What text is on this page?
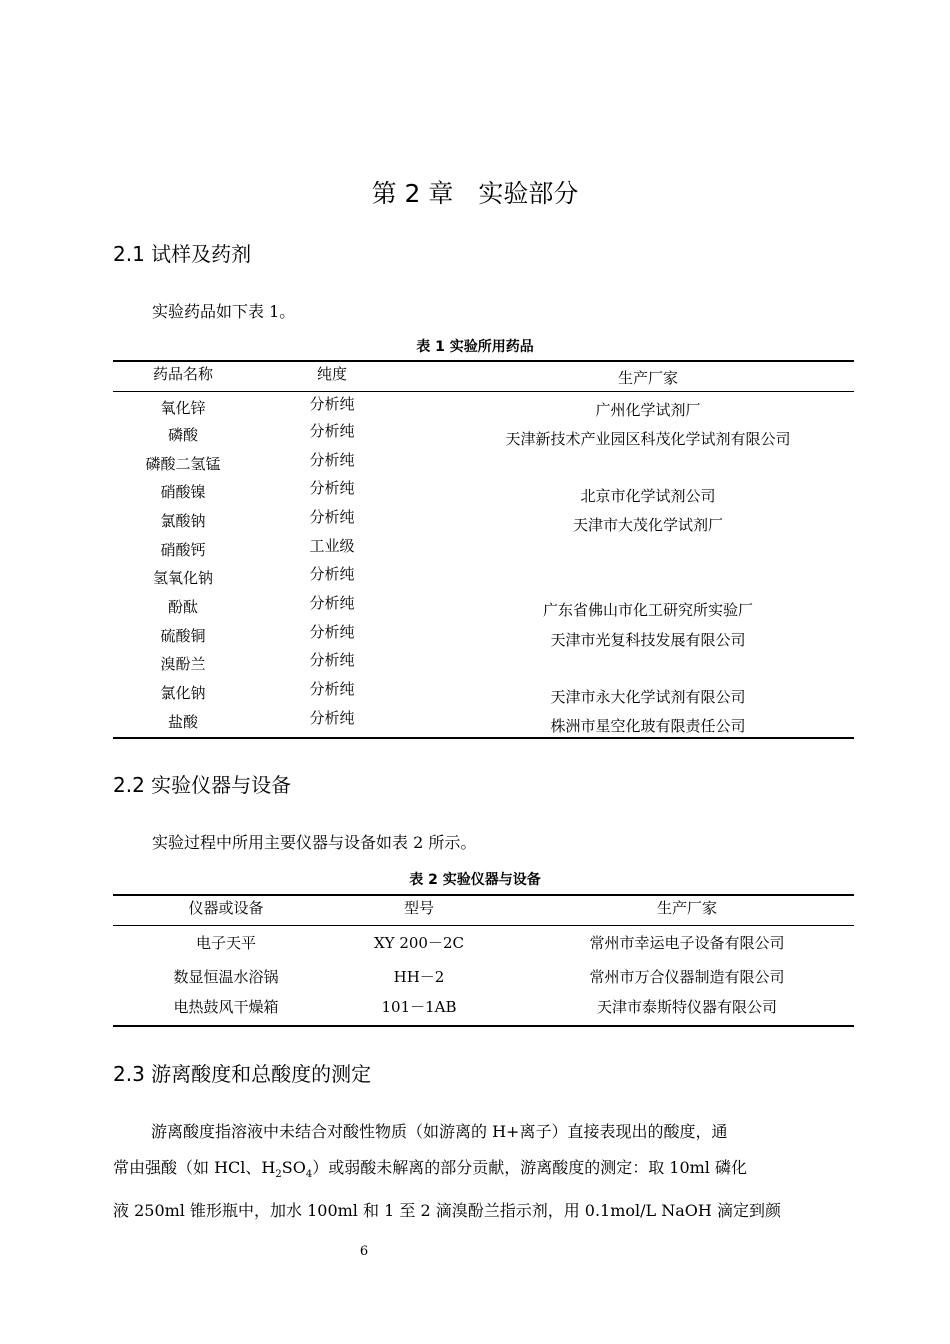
第 2 章　实验部分
2.1 试样及药剂
实验药品如下表 1。
表 1 实验所用药品
药品名称	纯度	生产厂家
氧化锌	分析纯	广州化学试剂厂
磷酸	分析纯	天津新技术产业园区科茂化学试剂有限公司
磷酸二氢锰	分析纯
硝酸镍	分析纯	北京市化学试剂公司
氯酸钠	分析纯	天津市大茂化学试剂厂
硝酸钙	工业级
氢氧化钠	分析纯
酚酞	分析纯	广东省佛山市化工研究所实验厂
硫酸铜	分析纯	天津市光复科技发展有限公司
溴酚兰	分析纯
氯化钠	分析纯	天津市永大化学试剂有限公司
盐酸	分析纯	株洲市星空化玻有限责任公司
2.2 实验仪器与设备
实验过程中所用主要仪器与设备如表 2 所示。
表 2 实验仪器与设备
仪器或设备	型号	生产厂家
电子天平	XY 200－2C	常州市幸运电子设备有限公司
数显恒温水浴锅	HH－2	常州市万合仪器制造有限公司
电热鼓风干燥箱	101－1AB	天津市泰斯特仪器有限公司
2.3 游离酸度和总酸度的测定

游离酸度指溶液中未结合对酸性物质（如游离的 H+离子）直接表现出的酸度，通

常由强酸（如 HCl、$H_2SO_4$）或弱酸未解离的部分贡献，游离酸度的测定：取 10ml 磷化
液 250ml 锥形瓶中，加水 100ml 和 1 至 2 滴溴酚兰指示剂，用 0.1mol/L NaOH 滴定到颜
6
